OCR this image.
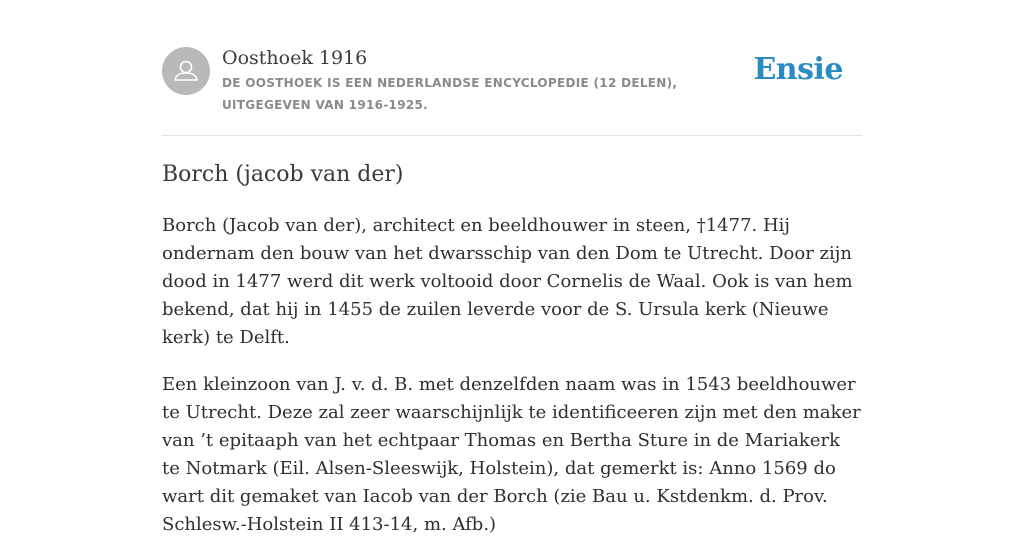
Oosthoek 1916
DE OOSTHOEK IS EEN NEDERLANDSE ENCYCLOPEDIE (12 DELEN), UITGEGEVEN VAN 1916-1925.
Ensie
Borch (jacob van der)

Borch (Jacob van der), architect en beeldhouwer in steen, †1477. Hij ondernam den bouw van het dwarsschip van den Dom te Utrecht. Door zijn dood in 1477 werd dit werk voltooid door Cornelis de Waal. Ook is van hem bekend, dat hij in 1455 de zuilen leverde voor de S. Ursula kerk (Nieuwe kerk) te Delft.

Een kleinzoon van J. v. d. B. met denzelfden naam was in 1543 beeldhouwer te Utrecht. Deze zal zeer waarschijnlijk te identificeeren zijn met den maker van ’t epitaaph van het echtpaar Thomas en Bertha Sture in de Mariakerk te Notmark (Eil. Alsen-Sleeswijk, Holstein), dat gemerkt is: Anno 1569 do wart dit gemaket van Iacob van der Borch (zie Bau u. Kstdenkm. d. Prov. Schlesw.-Holstein II 413-14, m. Afb.)
